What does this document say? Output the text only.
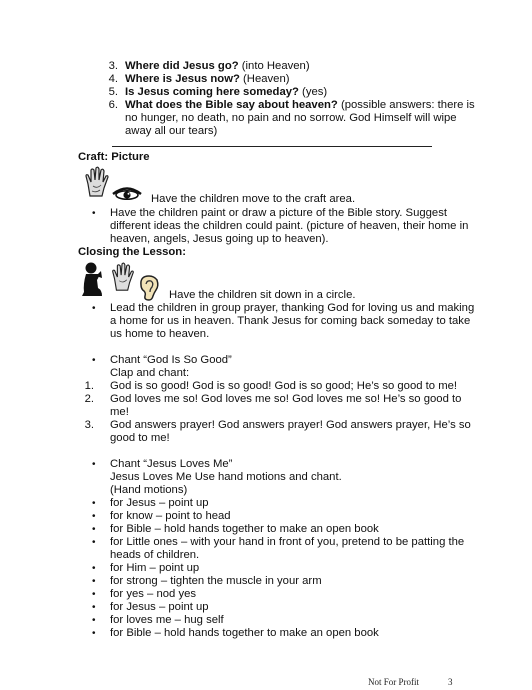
3. Where did Jesus go? (into Heaven)
4. Where is Jesus now? (Heaven)
5. Is Jesus coming here someday? (yes)
6. What does the Bible say about heaven? (possible answers: there is
no hunger, no death, no pain and no sorrow. God Himself will wipe
away all our tears)
Craft: Picture
Have the children move to the craft area.
• Have the children paint or draw a picture of the Bible story. Suggest
different ideas the children could paint. (picture of heaven, their home in
heaven, angels, Jesus going up to heaven).
Closing the Lesson:
Have the children sit down in a circle.
• Lead the children in group prayer, thanking God for loving us and making
a home for us in heaven. Thank Jesus for coming back someday to take
us home to heaven.
• Chant “God Is So Good”
Clap and chant:
1. God is so good! God is so good! God is so good; He’s so good to me!
2. God loves me so! God loves me so! God loves me so! He’s so good to
me!
3. God answers prayer! God answers prayer! God answers prayer, He’s so
good to me!
• Chant “Jesus Loves Me”
Jesus Loves Me Use hand motions and chant.
(Hand motions)
• for Jesus – point up
• for know – point to head
• for Bible – hold hands together to make an open book
• for Little ones – with your hand in front of you, pretend to be patting the
heads of children.
• for Him – point up
• for strong – tighten the muscle in your arm
• for yes – nod yes
• for Jesus – point up
• for loves me – hug self
• for Bible – hold hands together to make an open book
Not For Profit	3
